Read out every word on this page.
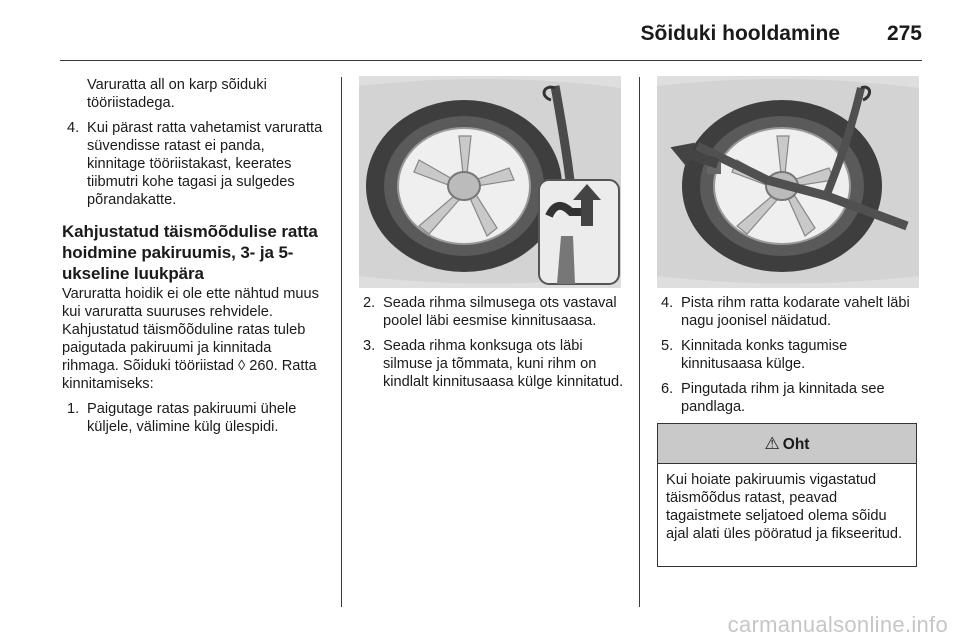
Sõiduki hooldamine 275

Varuratta all on karp sõiduki tööriistadega.

4. Kui pärast ratta vahetamist varuratta süvendisse ratast ei panda, kinnitage tööriistakast, keerates tiibmutri kohe tagasi ja sulgedes põrandakatte.
Kahjustatud täismõõdulise ratta hoidmine pakiruumis, 3- ja 5-ukseline luukpära

Varuratta hoidik ei ole ette nähtud muus kui varuratta suuruses rehvidele. Kahjustatud täismõõduline ratas tuleb paigutada pakiruumi ja kinnitada rihmaga. Sõiduki tööriistad ◊ 260. Ratta kinnitamiseks:

1. Paigutage ratas pakiruumi ühele küljele, välimine külg ülespidi.
2. Seada rihma silmusega ots vastaval poolel läbi eesmise kinnitusaasa.
3. Seada rihma konksuga ots läbi silmuse ja tõmmata, kuni rihm on kindlalt kinnitusaasa külge kinnitatud.
4. Pista rihm ratta kodarate vahelt läbi nagu joonisel näidatud.
5. Kinnitada konks tagumise kinnitusaasa külge.
6. Pingutada rihm ja kinnitada see pandlaga.
⚠ Oht
Kui hoiate pakiruumis vigastatud täismõõdus ratast, peavad tagaistmete seljatoed olema sõidu ajal alati üles pööratud ja fikseeritud.
carmanualsonline.info
